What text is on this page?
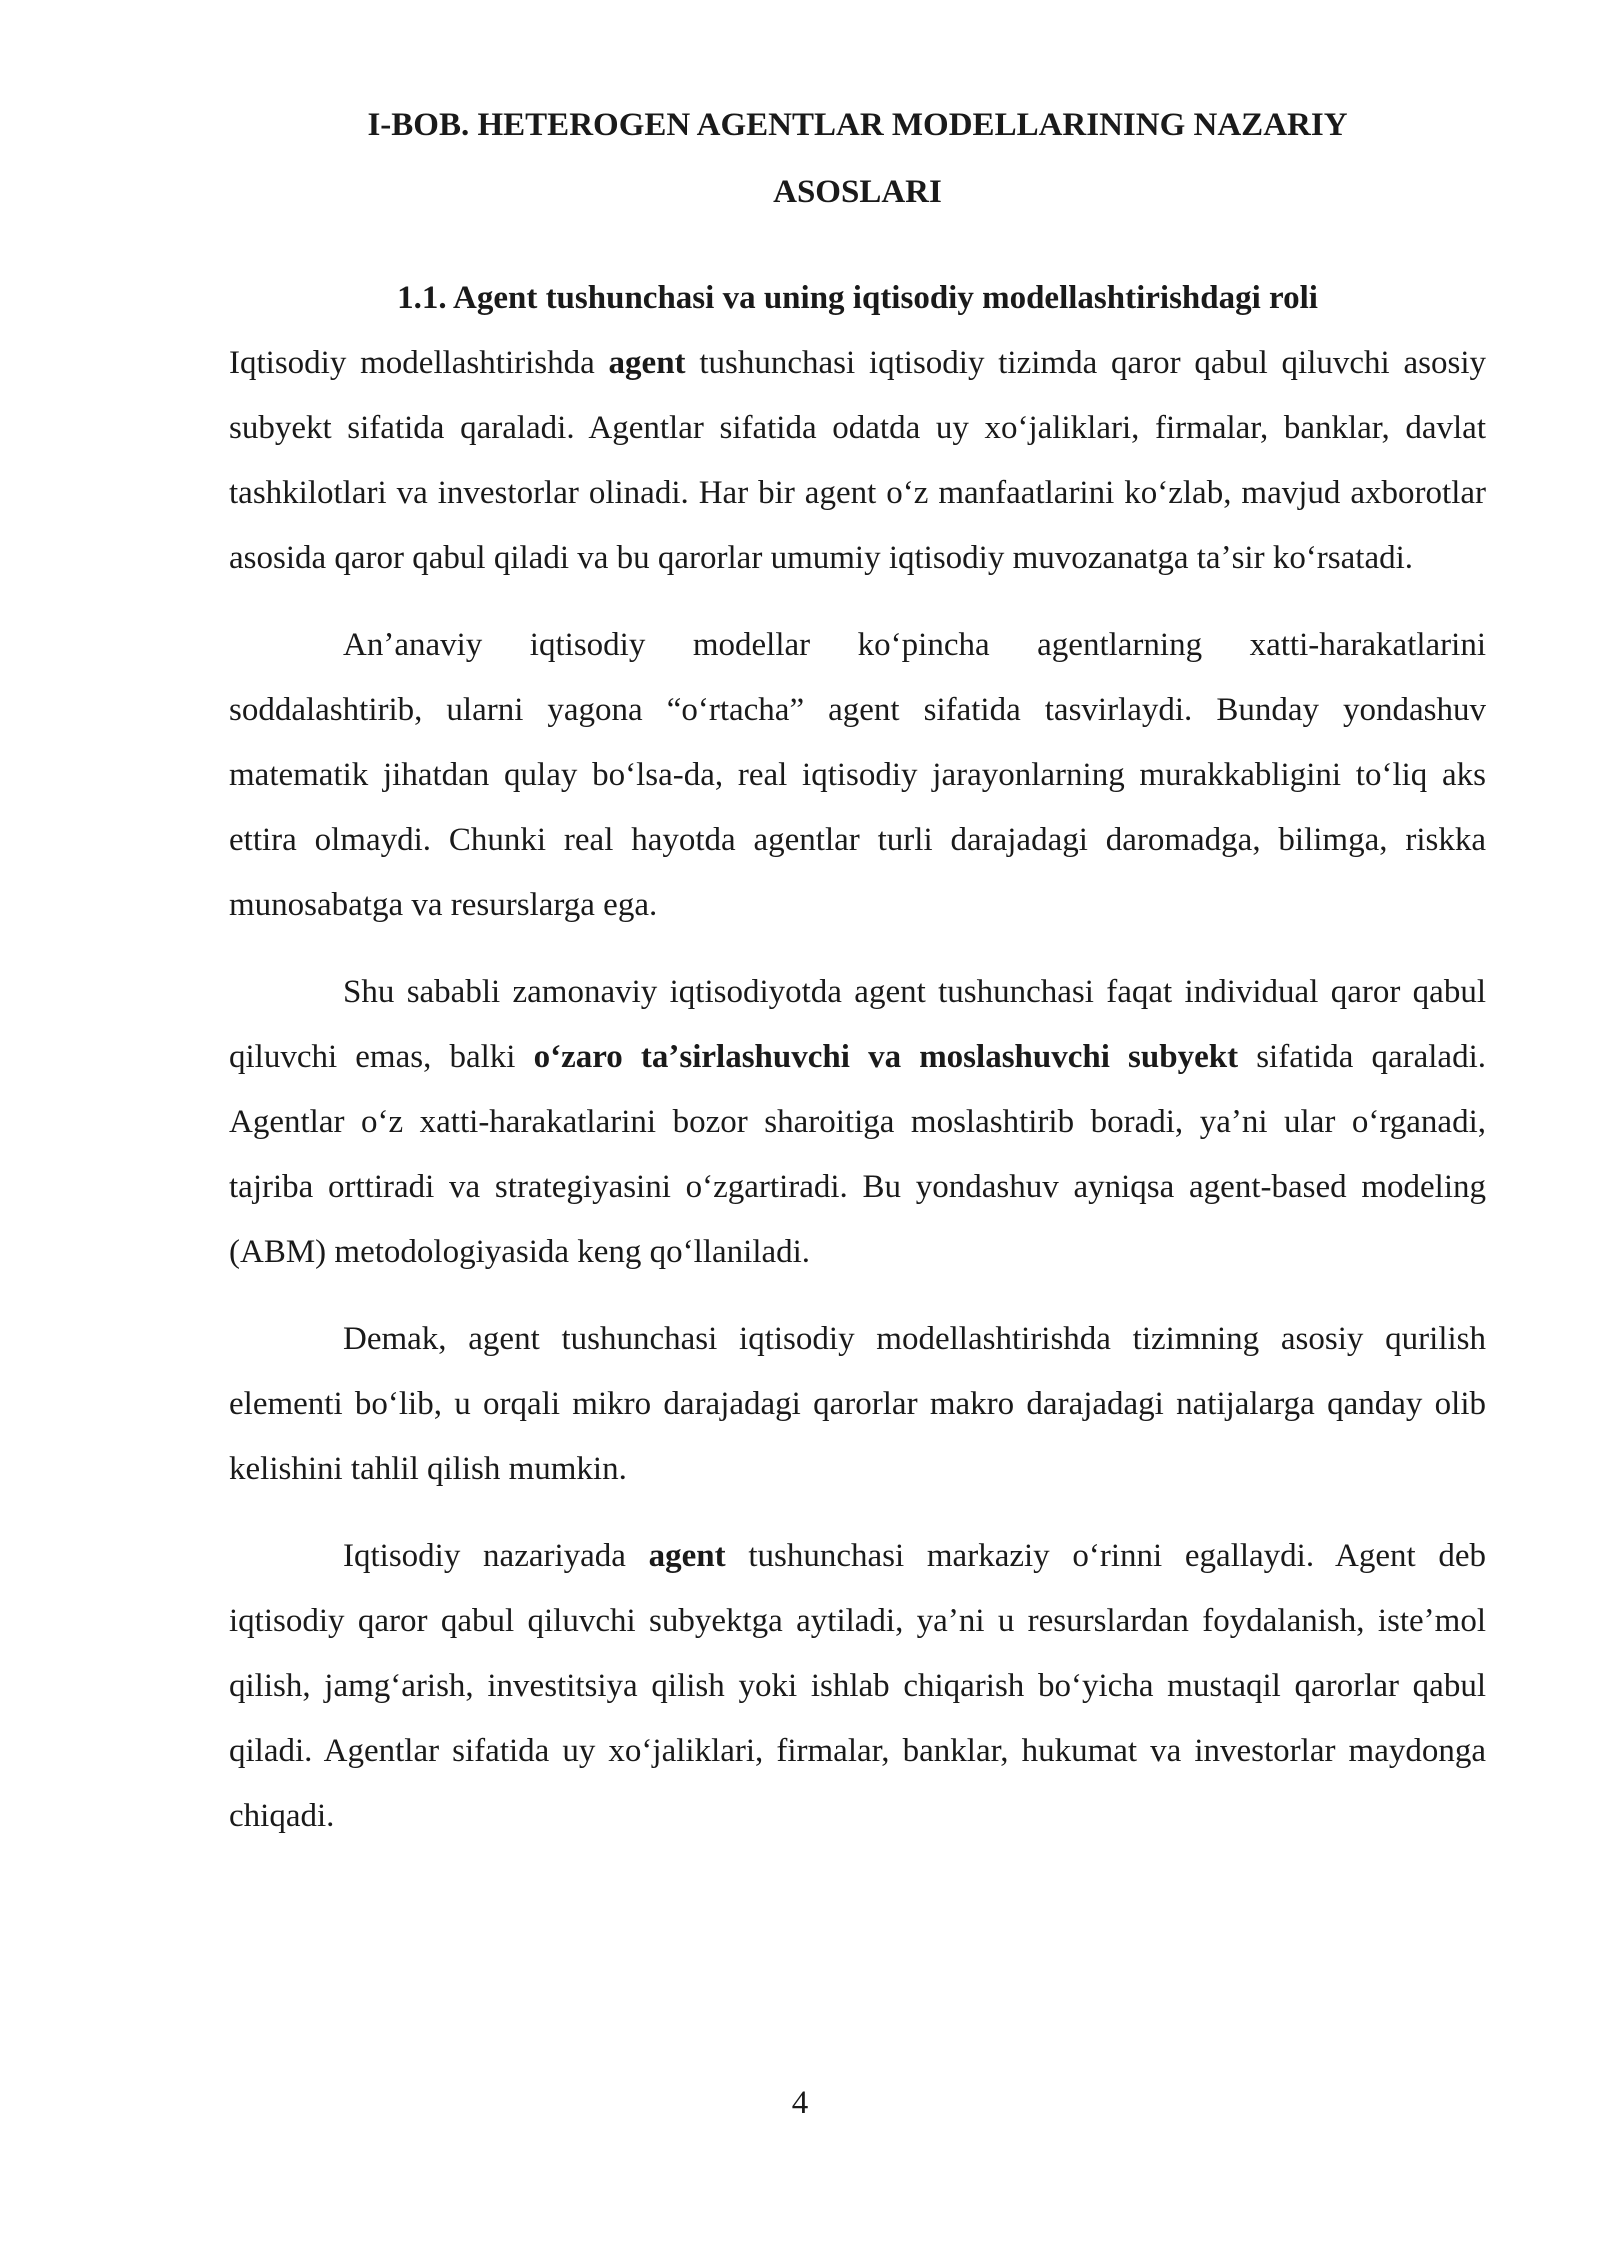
I-BOB. HETEROGEN AGENTLAR MODELLARINING NAZARIY
ASOSLARI
1.1. Agent tushunchasi va uning iqtisodiy modellashtirishdagi roli

Iqtisodiy modellashtirishda agent tushunchasi iqtisodiy tizimda qaror qabul qiluvchi asosiy subyekt sifatida qaraladi. Agentlar sifatida odatda uy xoʻjaliklari, firmalar, banklar, davlat tashkilotlari va investorlar olinadi. Har bir agent oʻz manfaatlarini koʻzlab, mavjud axborotlar asosida qaror qabul qiladi va bu qarorlar umumiy iqtisodiy muvozanatga taʼsir koʻrsatadi.

Anʼanaviy iqtisodiy modellar koʻpincha agentlarning xatti-harakatlarini soddalashtirib, ularni yagona “oʻrtacha” agent sifatida tasvirlaydi. Bunday yondashuv matematik jihatdan qulay boʻlsa-da, real iqtisodiy jarayonlarning murakkabligini toʻliq aks ettira olmaydi. Chunki real hayotda agentlar turli darajadagi daromadga, bilimga, riskka munosabatga va resurslarga ega.

Shu sababli zamonaviy iqtisodiyotda agent tushunchasi faqat individual qaror qabul qiluvchi emas, balki oʻzaro taʼsirlashuvchi va moslashuvchi subyekt sifatida qaraladi. Agentlar oʻz xatti-harakatlarini bozor sharoitiga moslashtirib boradi, yaʼni ular oʻrganadi, tajriba orttiradi va strategiyasini oʻzgartiradi. Bu yondashuv ayniqsa agent-based modeling (ABM) metodologiyasida keng qoʻllaniladi.

Demak, agent tushunchasi iqtisodiy modellashtirishda tizimning asosiy qurilish elementi boʻlib, u orqali mikro darajadagi qarorlar makro darajadagi natijalarga qanday olib kelishini tahlil qilish mumkin.

Iqtisodiy nazariyada agent tushunchasi markaziy oʻrinni egallaydi. Agent deb iqtisodiy qaror qabul qiluvchi subyektga aytiladi, yaʼni u resurslardan foydalanish, isteʼmol qilish, jamgʻarish, investitsiya qilish yoki ishlab chiqarish boʻyicha mustaqil qarorlar qabul qiladi. Agentlar sifatida uy xoʻjaliklari, firmalar, banklar, hukumat va investorlar maydonga chiqadi.

4
